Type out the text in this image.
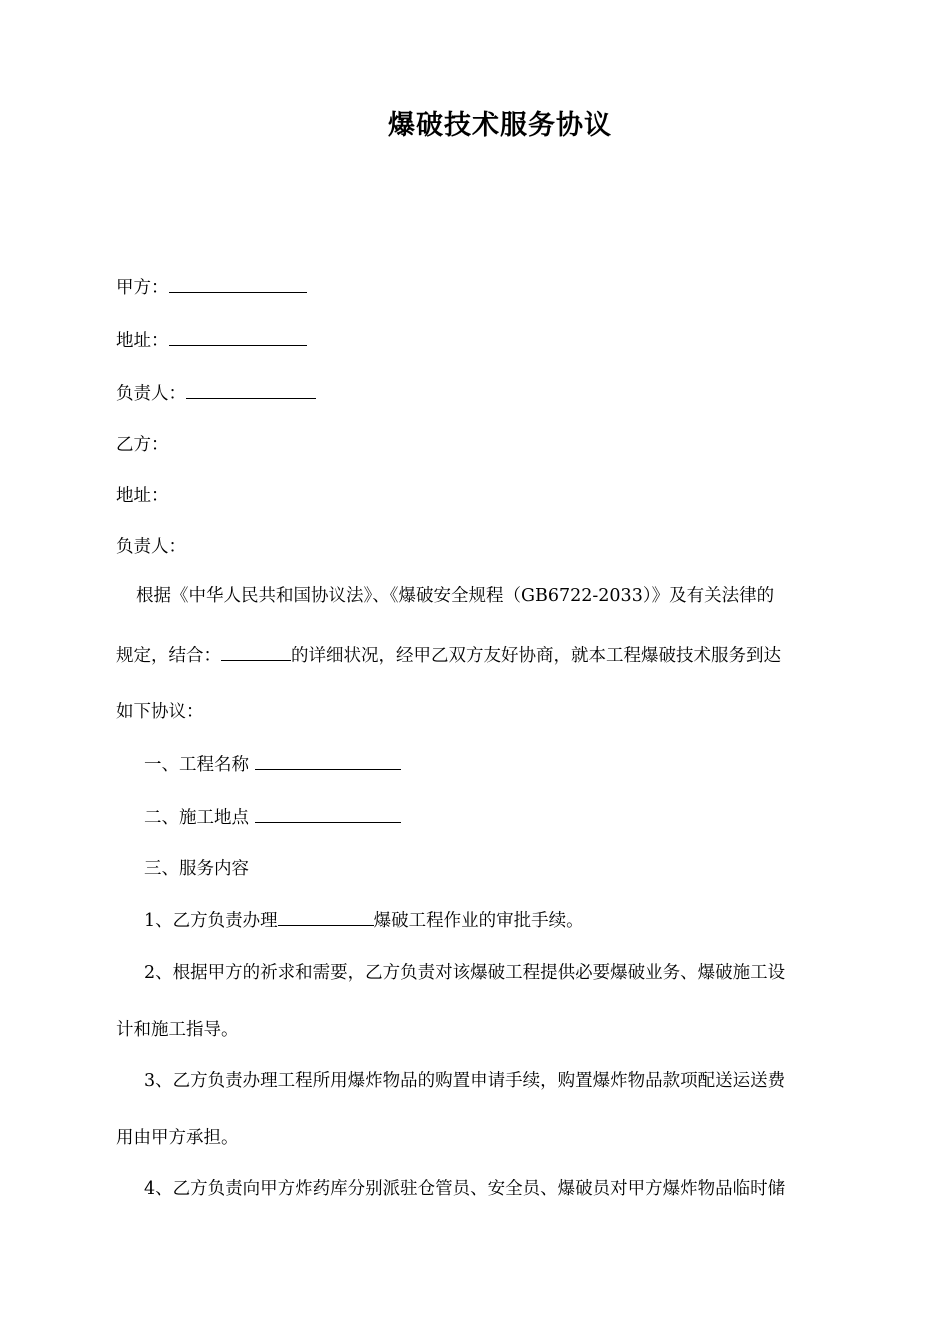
爆破技术服务协议
甲方：
地址：
负责人：
乙方：
地址：
负责人：
根据《中华人民共和国协议法》、《爆破安全规程（GB6722-2033）》及有关法律的
规定，结合：	的详细状况，经甲乙双方友好协商，就本工程爆破技术服务到达
如下协议：
一、工程名称
二、施工地点
三、服务内容
1、乙方负责办理	爆破工程作业的审批手续。
2、根据甲方的祈求和需要，乙方负责对该爆破工程提供必要爆破业务、爆破施工设
计和施工指导。
3、乙方负责办理工程所用爆炸物品的购置申请手续，购置爆炸物品款项配送运送费
用由甲方承担。
4、乙方负责向甲方炸药库分别派驻仓管员、安全员、爆破员对甲方爆炸物品临时储
